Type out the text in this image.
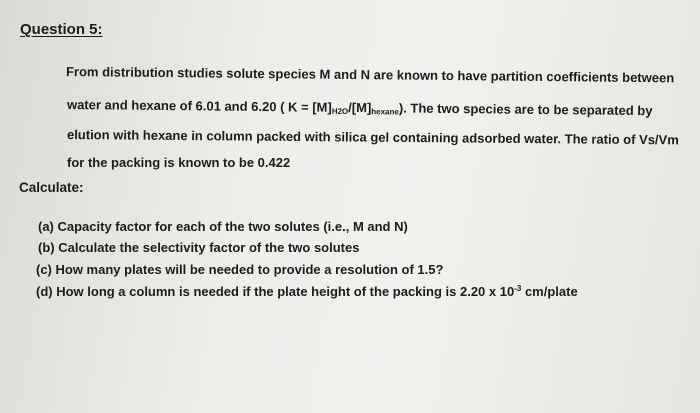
Question 5:
From distribution studies solute species M and N are known to have partition coefficients between
water and hexane of 6.01 and 6.20 ( $K = [M]_{H2O}/[M]_{hexane}$). The two species are to be separated by
elution with hexane in column packed with silica gel containing adsorbed water. The ratio of Vs/Vm
for the packing is known to be 0.422
Calculate:
(a) Capacity factor for each of the two solutes (i.e., M and N)
(b) Calculate the selectivity factor of the two solutes
(c) How many plates will be needed to provide a resolution of 1.5?
(d) How long a column is needed if the plate height of the packing is 2.20 x $10^{-3}$ cm/plate
